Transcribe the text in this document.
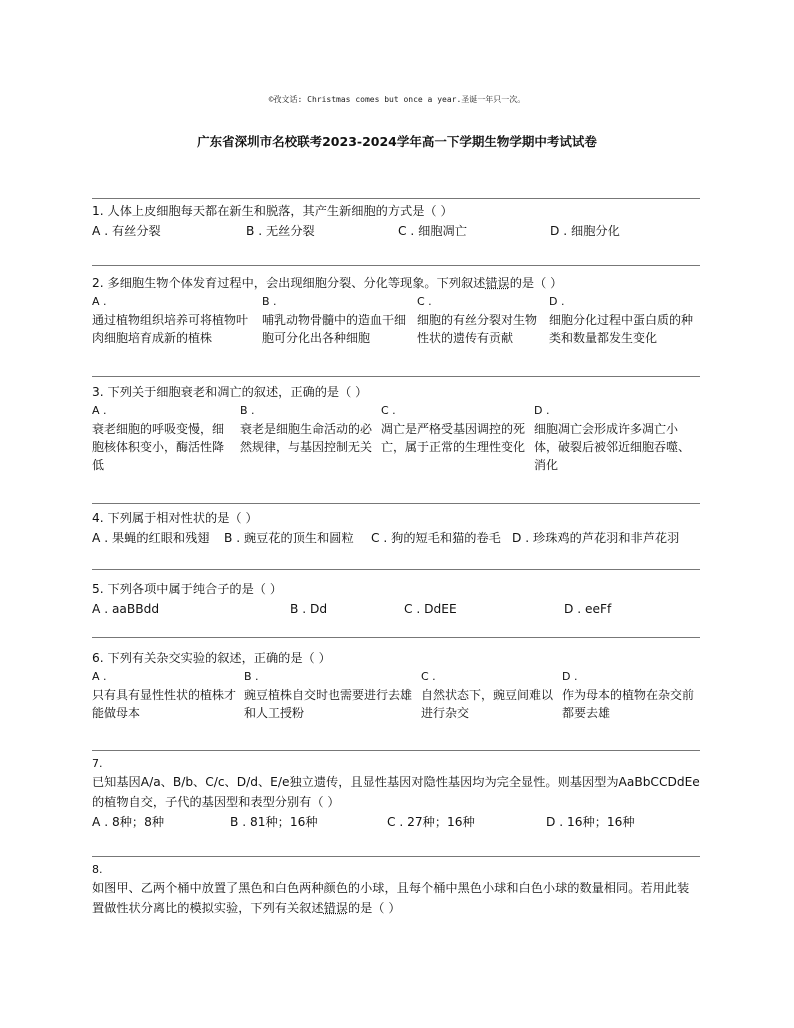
©孜文话: Christmas comes but once a year.圣诞一年只一次。
广东省深圳市名校联考2023-2024学年高一下学期生物学期中考试试卷
1. 人体上皮细胞每天都在新生和脱落，其产生新细胞的方式是（ ）
A . 有丝分裂	B . 无丝分裂	C . 细胞凋亡	D . 细胞分化
2. 多细胞生物个体发育过程中，会出现细胞分裂、分化等现象。下列叙述错误的是（ ）
A .
通过植物组织培养可将植物叶肉细胞培育成新的植株
B .
哺乳动物骨髓中的造血干细胞可分化出各种细胞
C .
细胞的有丝分裂对生物性状的遗传有贡献
D .
细胞分化过程中蛋白质的种类和数量都发生变化
3. 下列关于细胞衰老和凋亡的叙述，正确的是（ ）
A .
衰老细胞的呼吸变慢，细胞核体积变小，酶活性降低
B .
衰老是细胞生命活动的必然规律，与基因控制无关
C .
凋亡是严格受基因调控的死亡，属于正常的生理性变化
D .
细胞凋亡会形成许多凋亡小体，破裂后被邻近细胞吞噬、消化
4. 下列属于相对性状的是（ ）
A . 果蝇的红眼和残翅 B . 豌豆花的顶生和圆粒 C . 狗的短毛和猫的卷毛 D . 珍珠鸡的芦花羽和非芦花羽
5. 下列各项中属于纯合子的是（ ）
A . aaBBdd	B . Dd	C . DdEE	D . eeFf
6. 下列有关杂交实验的叙述，正确的是（ ）
A .
只有具有显性性状的植株才能做母本
B .
豌豆植株自交时也需要进行去雄和人工授粉
C .
自然状态下，豌豆间难以进行杂交
D .
作为母本的植物在杂交前都要去雄
7.
已知基因A/a、B/b、C/c、D/d、E/e独立遗传，且显性基因对隐性基因均为完全显性。则基因型为AaBbCCDdEe的植物自交，子代的基因型和表型分别有（ ）
A . 8种；8种	B . 81种；16种	C . 27种；16种	D . 16种；16种
8.
如图甲、乙两个桶中放置了黑色和白色两种颜色的小球，且每个桶中黑色小球和白色小球的数量相同。若用此装置做性状分离比的模拟实验，下列有关叙述错误的是（ ）
